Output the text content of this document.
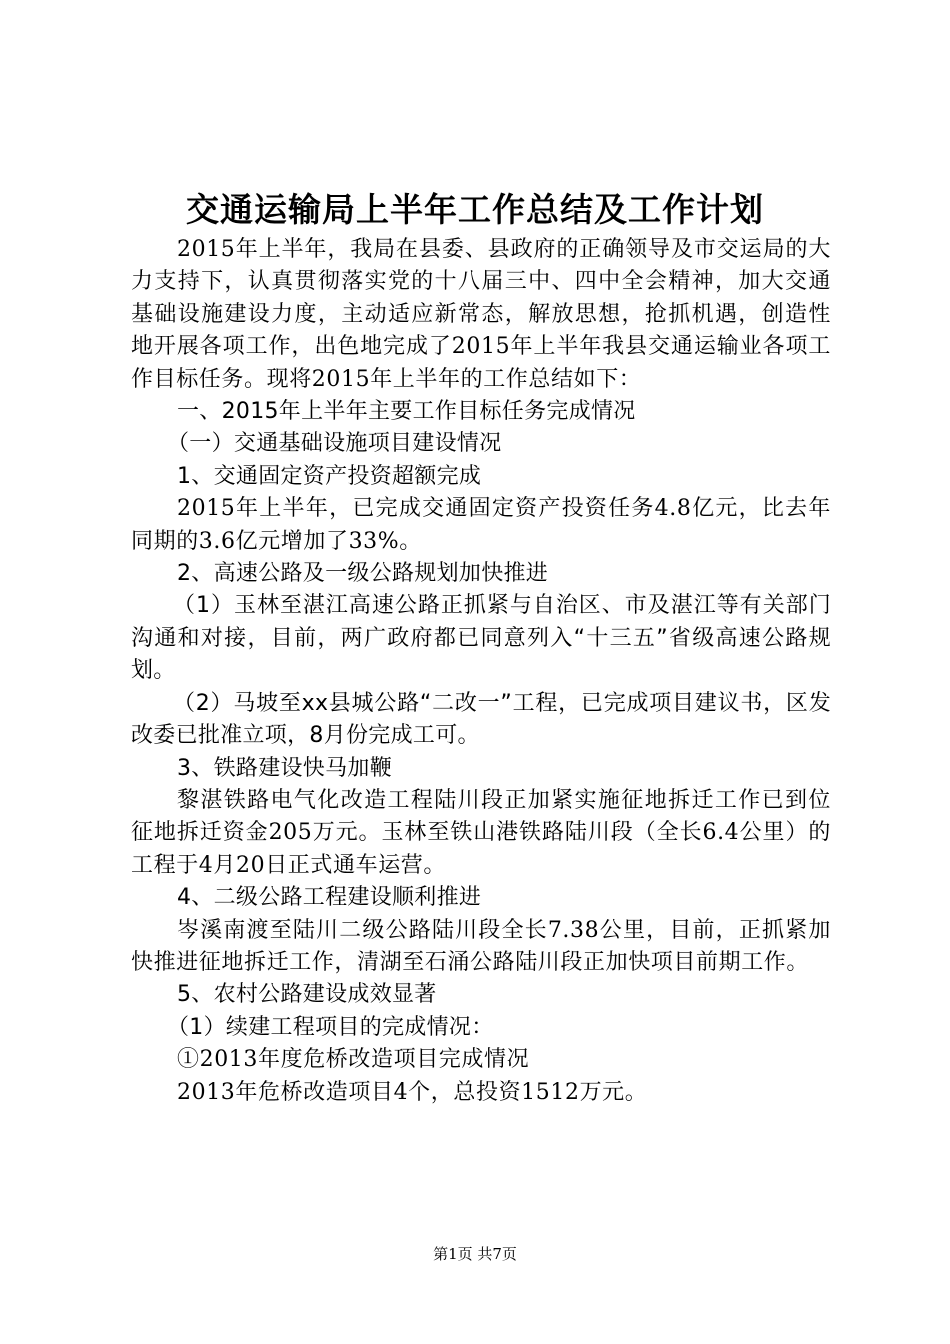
交通运输局上半年工作总结及工作计划

2015年上半年，我局在县委、县政府的正确领导及市交运局的大力支持下，认真贯彻落实党的十八届三中、四中全会精神，加大交通基础设施建设力度，主动适应新常态，解放思想，抢抓机遇，创造性地开展各项工作，出色地完成了2015年上半年我县交通运输业各项工作目标任务。现将2015年上半年的工作总结如下：

一、2015年上半年主要工作目标任务完成情况

（一）交通基础设施项目建设情况

1、交通固定资产投资超额完成

2015年上半年，已完成交通固定资产投资任务4.8亿元，比去年同期的3.6亿元增加了33%。

2、高速公路及一级公路规划加快推进

（1）玉林至湛江高速公路正抓紧与自治区、市及湛江等有关部门沟通和对接，目前，两广政府都已同意列入“十三五”省级高速公路规划。

（2）马坡至xx县城公路“二改一”工程，已完成项目建议书，区发改委已批准立项，8月份完成工可。

3、铁路建设快马加鞭

黎湛铁路电气化改造工程陆川段正加紧实施征地拆迁工作已到位征地拆迁资金205万元。玉林至铁山港铁路陆川段（全长6.4公里）的工程于4月20日正式通车运营。

4、二级公路工程建设顺利推进

岑溪南渡至陆川二级公路陆川段全长7.38公里，目前，正抓紧加快推进征地拆迁工作，清湖至石涌公路陆川段正加快项目前期工作。

5、农村公路建设成效显著

（1）续建工程项目的完成情况：

①2013年度危桥改造项目完成情况

2013年危桥改造项目4个，总投资1512万元。

第1页 共7页
